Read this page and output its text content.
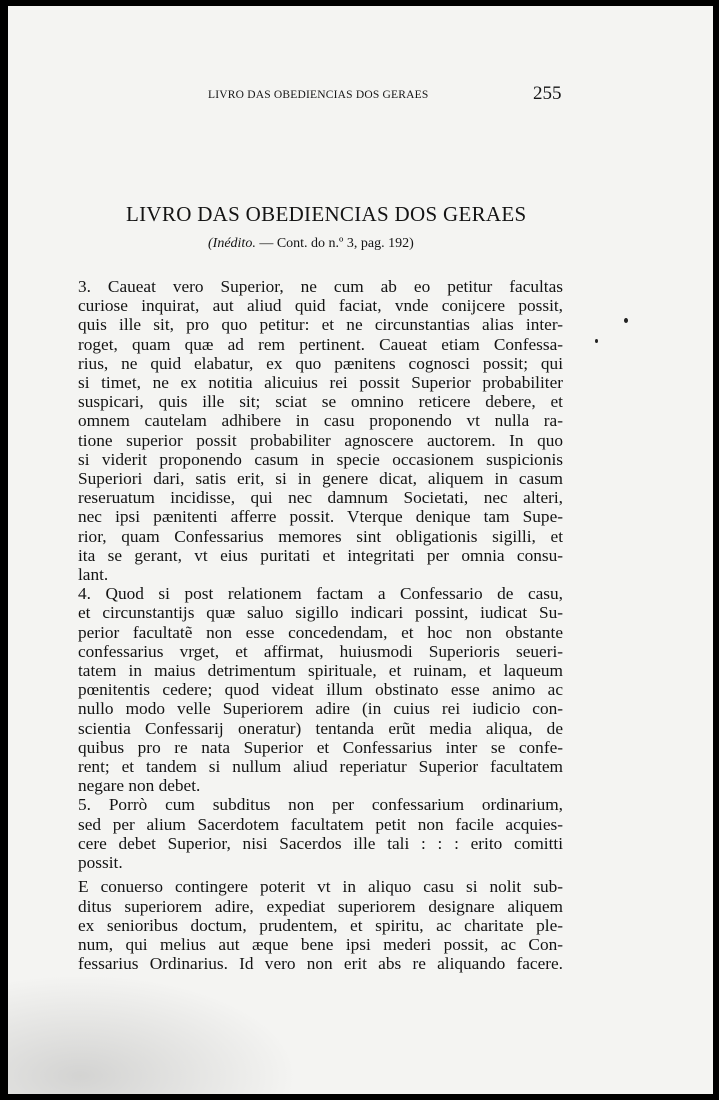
LIVRO DAS OBEDIENCIAS DOS GERAES	255
LIVRO DAS OBEDIENCIAS DOS GERAES
(Inédito. — Cont. do n.º 3, pag. 192)
3. Caueat vero Superior, ne cum ab eo petitur facultas
curiose inquirat, aut aliud quid faciat, vnde conijcere possit,
quis ille sit, pro quo petitur: et ne circunstantias alias inter-
roget, quam quæ ad rem pertinent. Caueat etiam Confessa-
rius, ne quid elabatur, ex quo pænitens cognosci possit; qui
si timet, ne ex notitia alicuius rei possit Superior probabiliter
suspicari, quis ille sit; sciat se omnino reticere debere, et
omnem cautelam adhibere in casu proponendo vt nulla ra-
tione superior possit probabiliter agnoscere auctorem. In quo
si viderit proponendo casum in specie occasionem suspicionis
Superiori dari, satis erit, si in genere dicat, aliquem in casum
reseruatum incidisse, qui nec damnum Societati, nec alteri,
nec ipsi pænitenti afferre possit. Vterque denique tam Supe-
rior, quam Confessarius memores sint obligationis sigilli, et
ita se gerant, vt eius puritati et integritati per omnia consu-
lant.
4. Quod si post relationem factam a Confessario de casu,
et circunstantijs quæ saluo sigillo indicari possint, iudicat Su-
perior facultatẽ non esse concedendam, et hoc non obstante
confessarius vrget, et affirmat, huiusmodi Superioris seueri-
tatem in maius detrimentum spirituale, et ruinam, et laqueum
pœnitentis cedere; quod videat illum obstinato esse animo ac
nullo modo velle Superiorem adire (in cuius rei iudicio con-
scientia Confessarij oneratur) tentanda erũt media aliqua, de
quibus pro re nata Superior et Confessarius inter se confe-
rent; et tandem si nullum aliud reperiatur Superior facultatem
negare non debet.
5. Porrò cum subditus non per confessarium ordinarium,
sed per alium Sacerdotem facultatem petit non facile acquies-
cere debet Superior, nisi Sacerdos ille tali : : : erito comitti
possit.
E conuerso contingere poterit vt in aliquo casu si nolit sub-
ditus superiorem adire, expediat superiorem designare aliquem
ex senioribus doctum, prudentem, et spiritu, ac charitate ple-
num, qui melius aut æque bene ipsi mederi possit, ac Con-
fessarius Ordinarius. Id vero non erit abs re aliquando facere.
